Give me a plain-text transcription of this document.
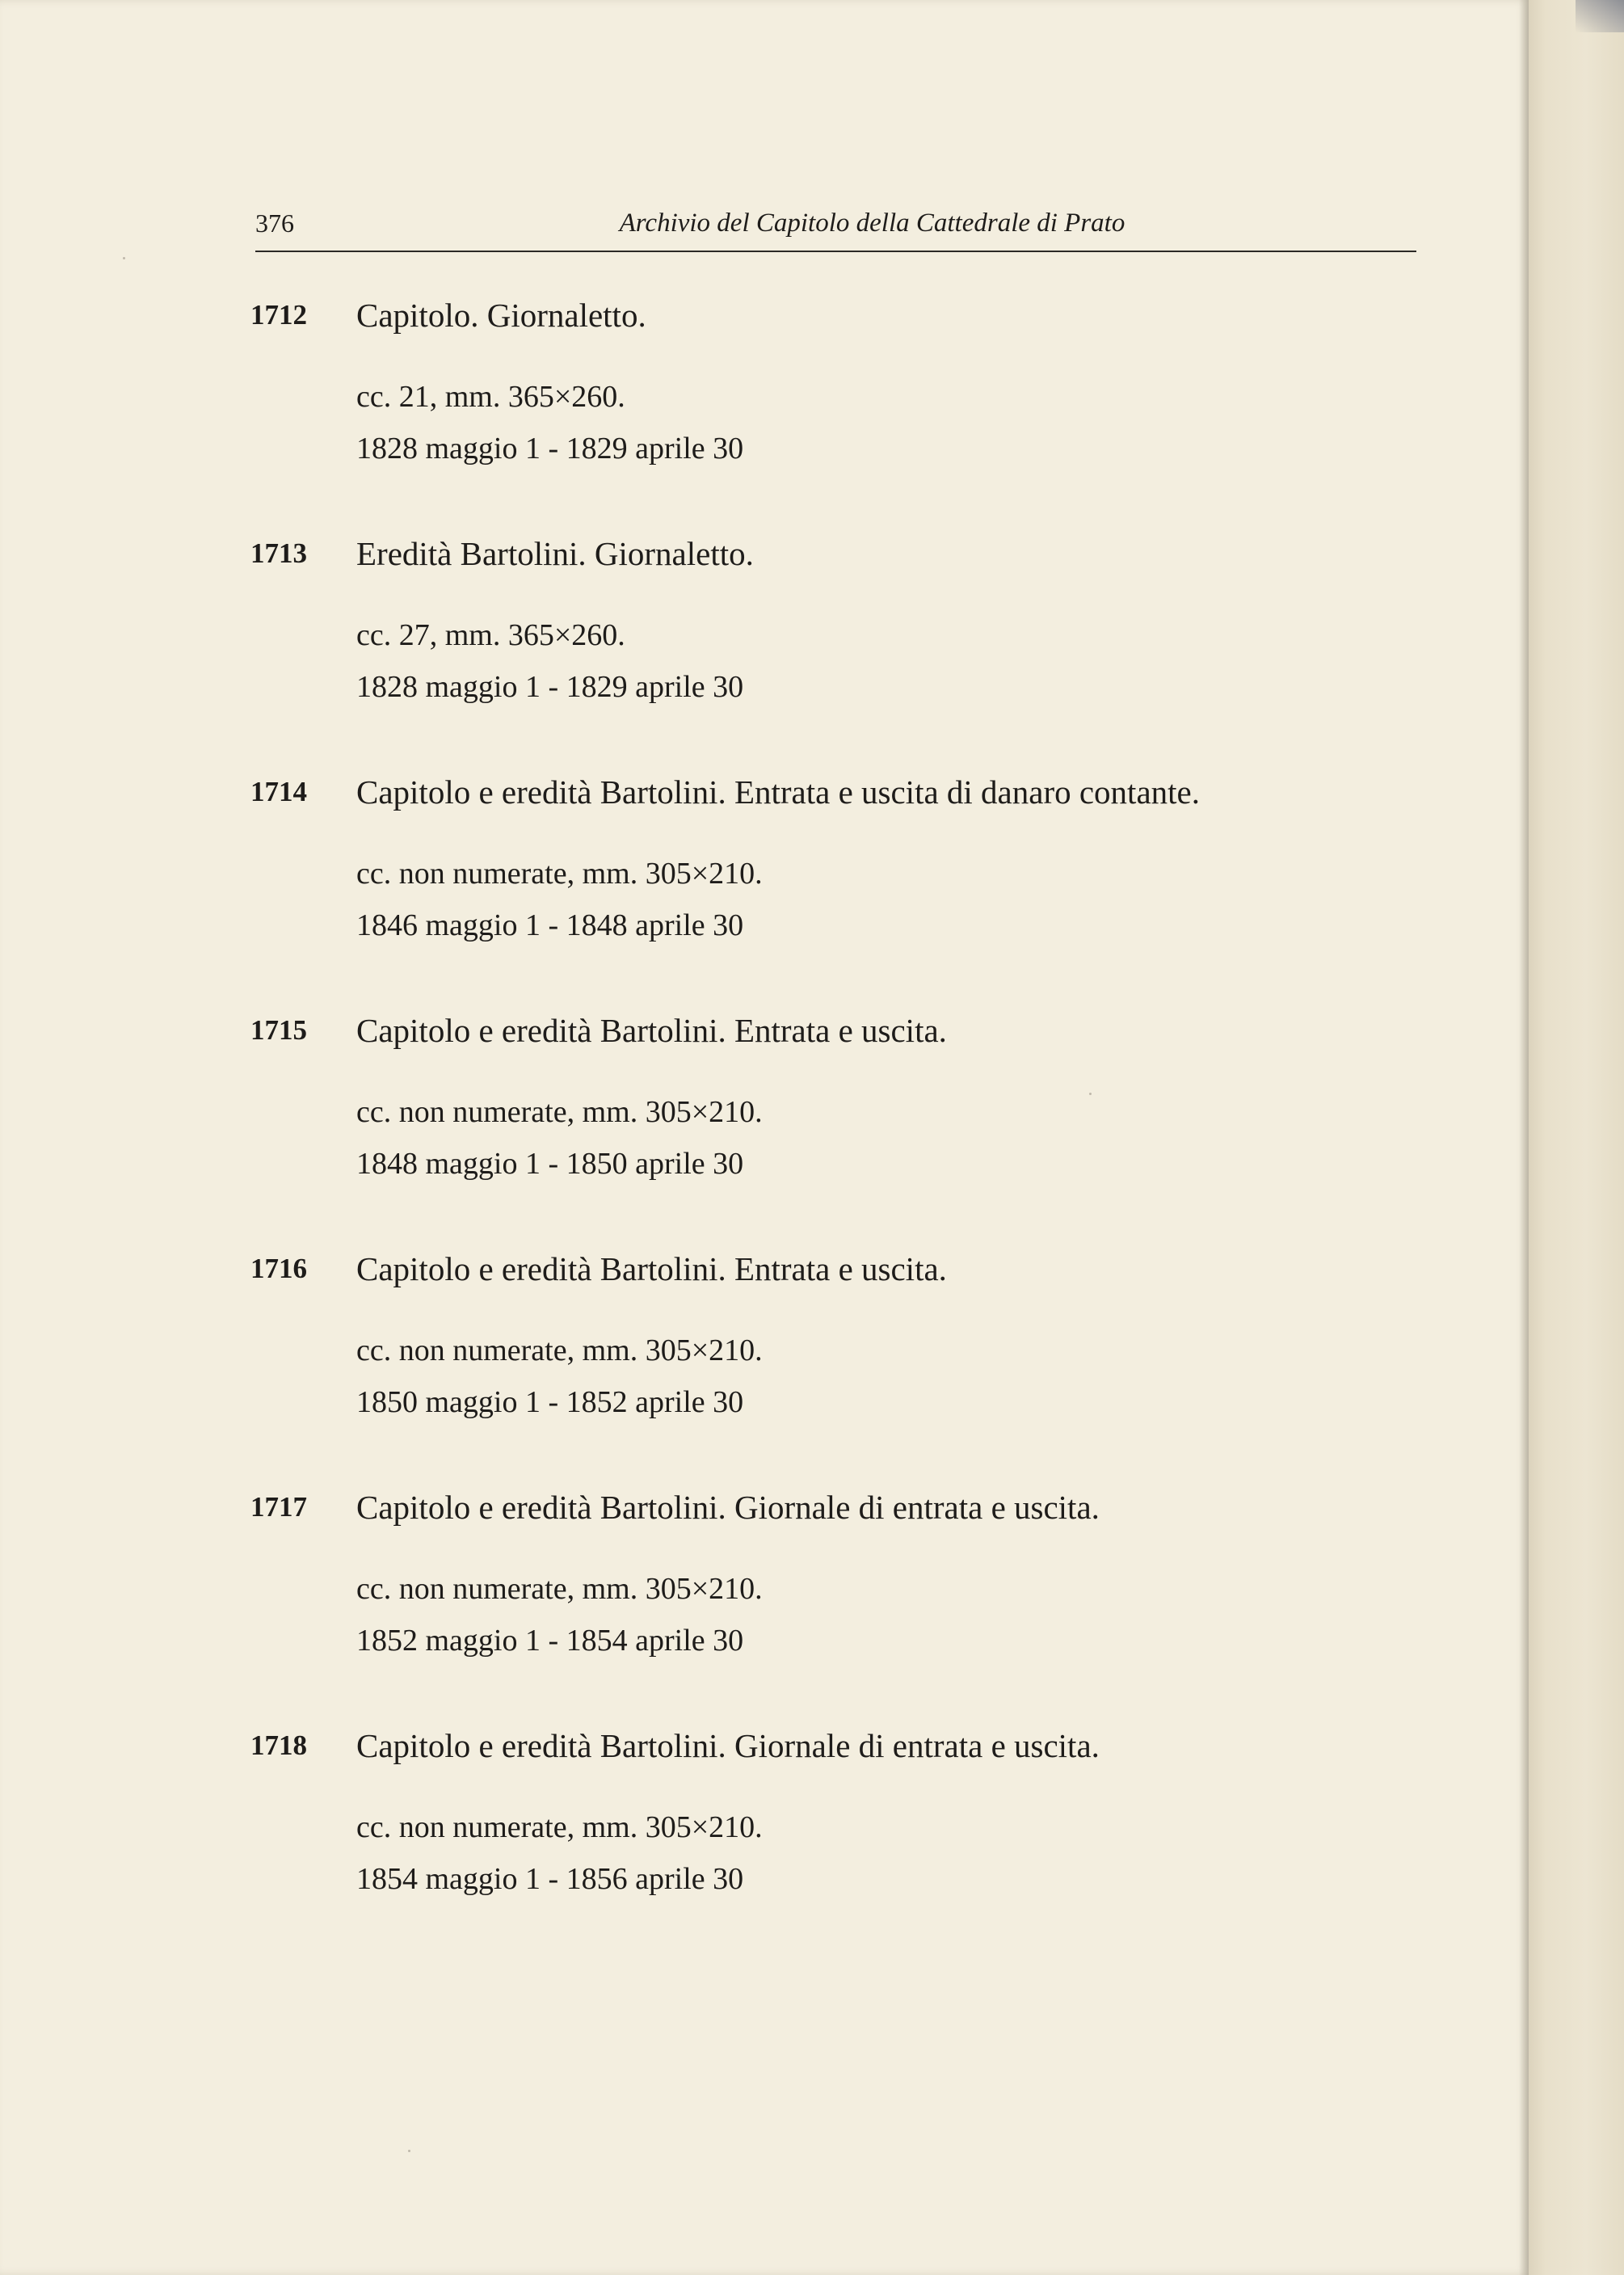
376	Archivio del Capitolo della Cattedrale di Prato
1712	Capitolo. Giornaletto.
cc. 21, mm. 365×260.
1828 maggio 1 - 1829 aprile 30
1713	Eredità Bartolini. Giornaletto.
cc. 27, mm. 365×260.
1828 maggio 1 - 1829 aprile 30
1714	Capitolo e eredità Bartolini. Entrata e uscita di danaro contante.
cc. non numerate, mm. 305×210.
1846 maggio 1 - 1848 aprile 30
1715	Capitolo e eredità Bartolini. Entrata e uscita.
cc. non numerate, mm. 305×210.
1848 maggio 1 - 1850 aprile 30
1716	Capitolo e eredità Bartolini. Entrata e uscita.
cc. non numerate, mm. 305×210.
1850 maggio 1 - 1852 aprile 30
1717	Capitolo e eredità Bartolini. Giornale di entrata e uscita.
cc. non numerate, mm. 305×210.
1852 maggio 1 - 1854 aprile 30
1718	Capitolo e eredità Bartolini. Giornale di entrata e uscita.
cc. non numerate, mm. 305×210.
1854 maggio 1 - 1856 aprile 30
